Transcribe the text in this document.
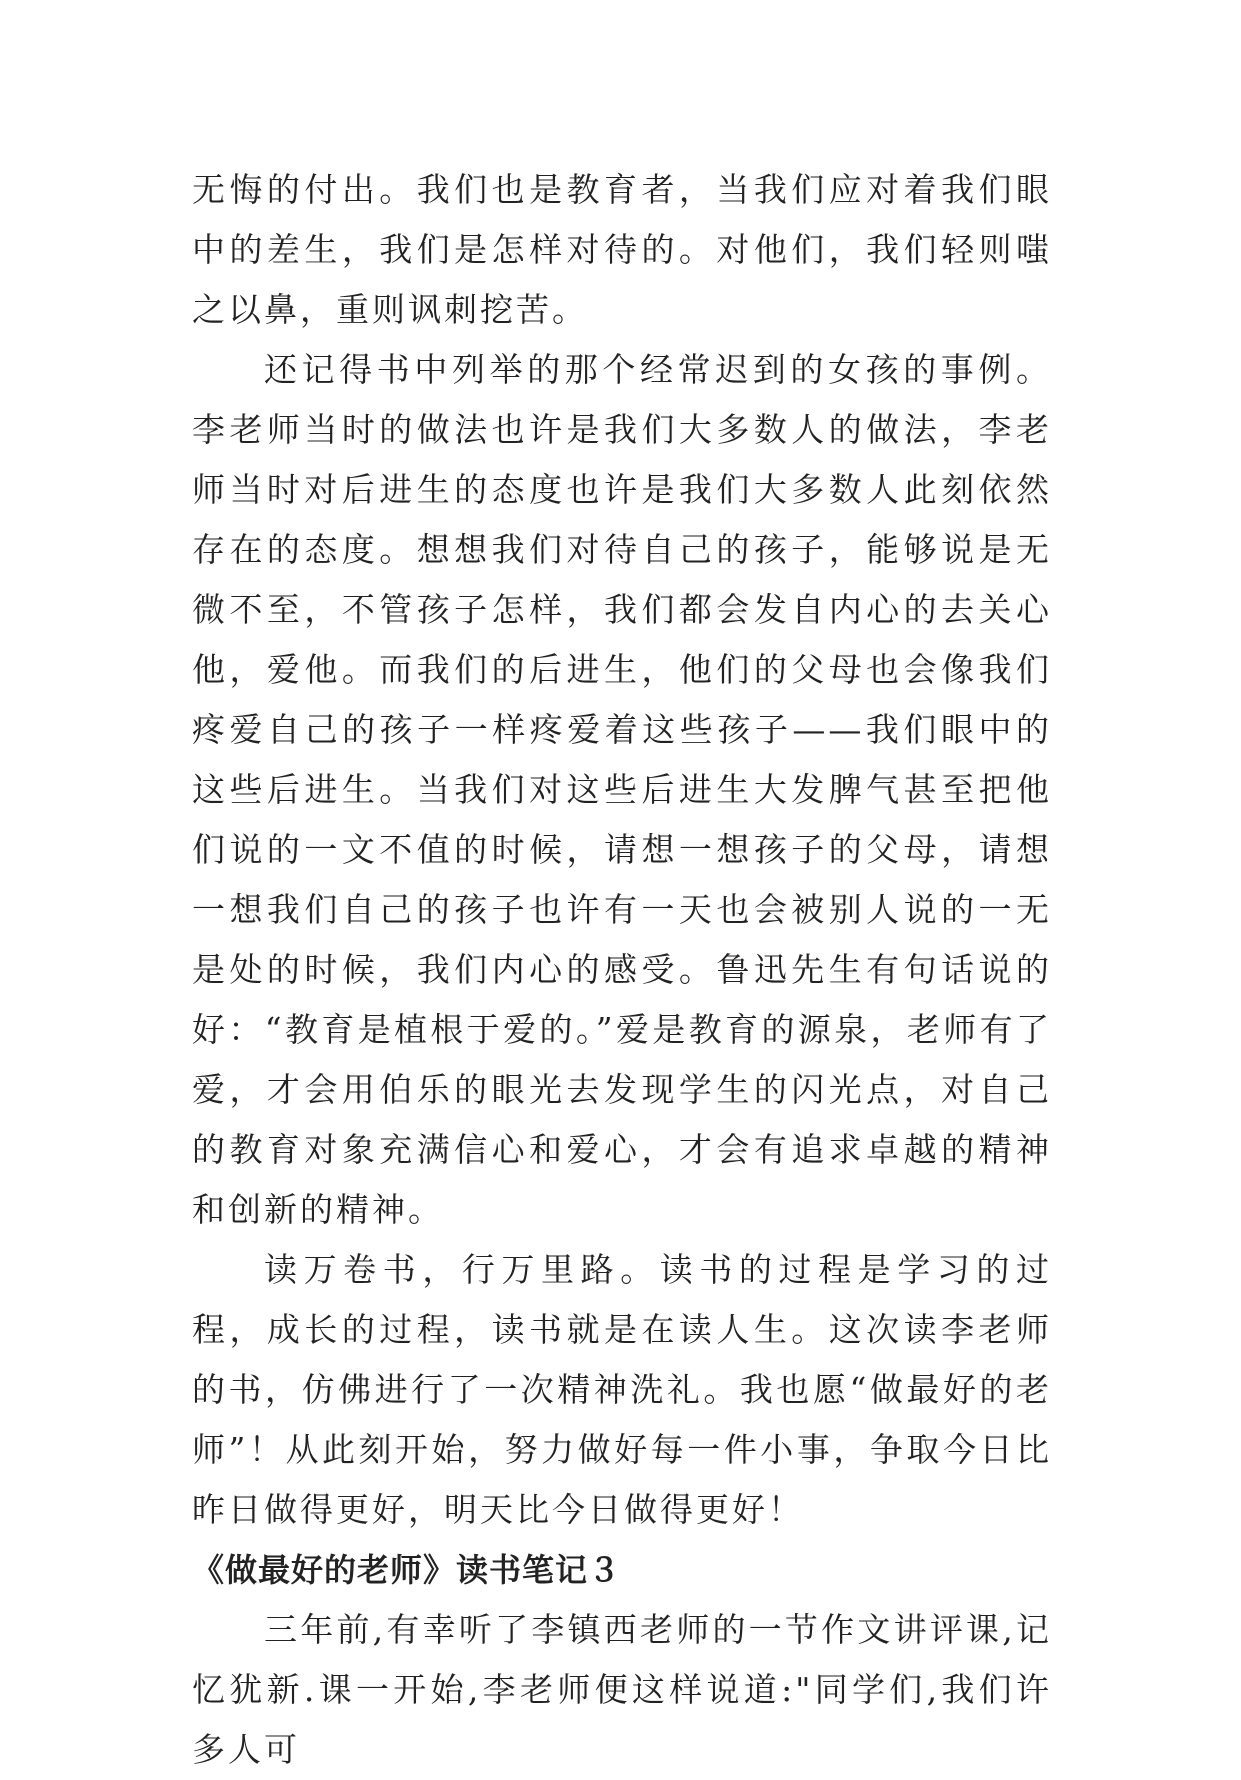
无悔的付出。我们也是教育者，当我们应对着我们眼中的差生，我们是怎样对待的。对他们，我们轻则嗤之以鼻，重则讽刺挖苦。

还记得书中列举的那个经常迟到的女孩的事例。李老师当时的做法也许是我们大多数人的做法，李老师当时对后进生的态度也许是我们大多数人此刻依然存在的态度。想想我们对待自己的孩子，能够说是无微不至，不管孩子怎样，我们都会发自内心的去关心他，爱他。而我们的后进生，他们的父母也会像我们疼爱自己的孩子一样疼爱着这些孩子——我们眼中的这些后进生。当我们对这些后进生大发脾气甚至把他们说的一文不值的时候，请想一想孩子的父母，请想一想我们自己的孩子也许有一天也会被别人说的一无是处的时候，我们内心的感受。鲁迅先生有句话说的好：“教育是植根于爱的。”爱是教育的源泉，老师有了爱，才会用伯乐的眼光去发现学生的闪光点，对自己的教育对象充满信心和爱心，才会有追求卓越的精神和创新的精神。

读万卷书，行万里路。读书的过程是学习的过程，成长的过程，读书就是在读人生。这次读李老师的书，仿佛进行了一次精神洗礼。我也愿“做最好的老师”！从此刻开始，努力做好每一件小事，争取今日比昨日做得更好，明天比今日做得更好！

《做最好的老师》读书笔记３

三年前,有幸听了李镇西老师的一节作文讲评课,记忆犹新.课一开始,李老师便这样说道:"同学们,我们许多人可
